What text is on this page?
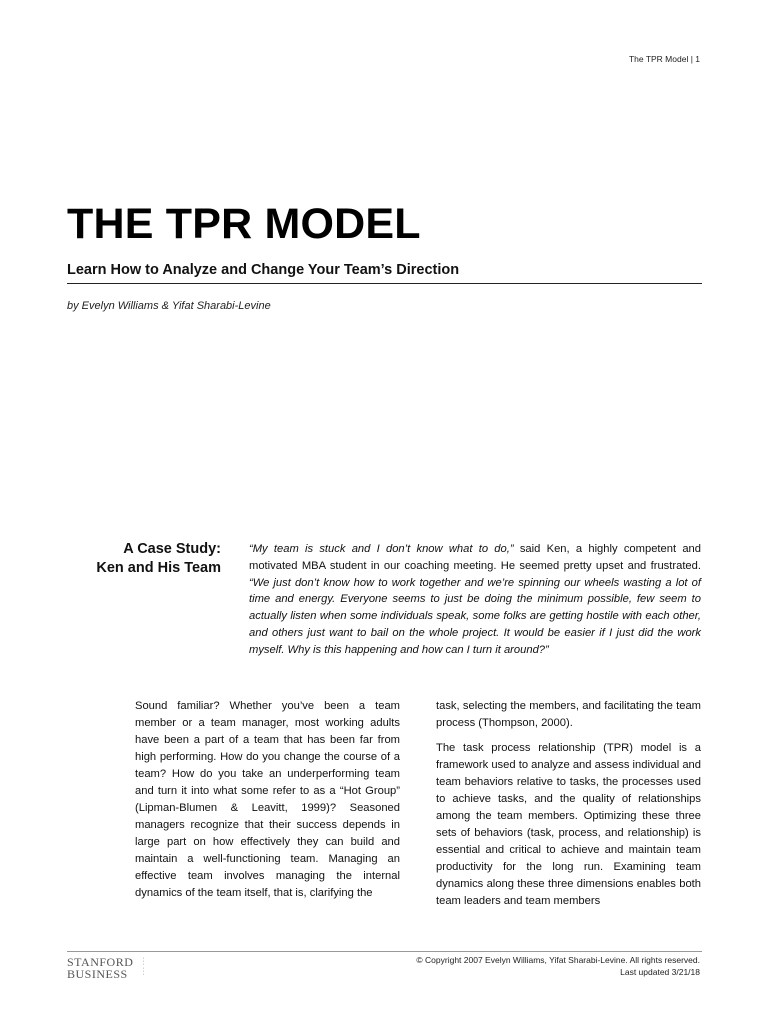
The TPR Model | 1
THE TPR MODEL
Learn How to Analyze and Change Your Team’s Direction
by Evelyn Williams & Yifat Sharabi-Levine
A Case Study:
Ken and His Team

“My team is stuck and I don’t know what to do,” said Ken, a highly competent and motivated MBA student in our coaching meeting. He seemed pretty upset and frustrated. “We just don’t know how to work together and we’re spinning our wheels wasting a lot of time and energy. Everyone seems to just be doing the minimum possible, few seem to actually listen when some individuals speak, some folks are getting hostile with each other, and others just want to bail on the whole project. It would be easier if I just did the work myself. Why is this happening and how can I turn it around?”

Sound familiar? Whether you’ve been a team member or a team manager, most working adults have been a part of a team that has been far from high performing. How do you change the course of a team? How do you take an underperforming team and turn it into what some refer to as a “Hot Group” (Lipman-Blumen & Leavitt, 1999)? Seasoned managers recognize that their success depends in large part on how effectively they can build and maintain a well-functioning team. Managing an effective team involves managing the internal dynamics of the team itself, that is, clarifying the

task, selecting the members, and facilitating the team process (Thompson, 2000).

The task process relationship (TPR) model is a framework used to analyze and assess individual and team behaviors relative to tasks, the processes used to achieve tasks, and the quality of relationships among the team members. Optimizing these three sets of behaviors (task, process, and relationship) is essential and critical to achieve and maintain team productivity for the long run. Examining team dynamics along these three dimensions enables both team leaders and team members

STANFORD
BUSINESS
▪
▪
▪
▪
▪
▪
© Copyright 2007 Evelyn Williams, Yifat Sharabi-Levine. All rights reserved.
Last updated 3/21/18
